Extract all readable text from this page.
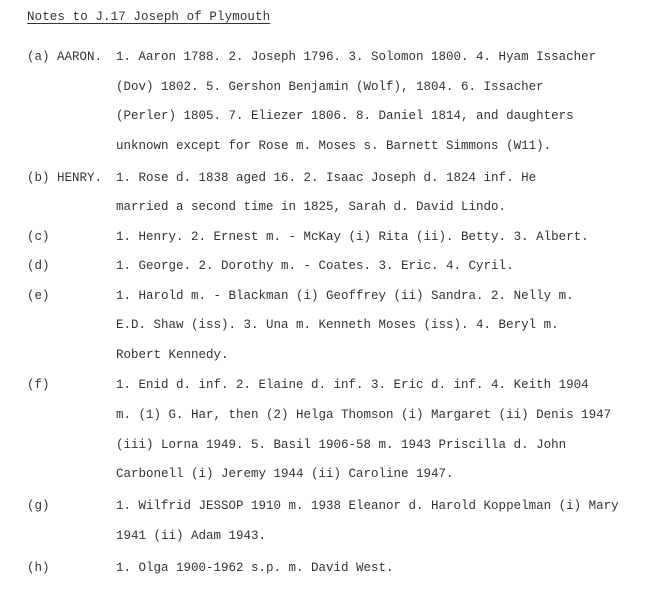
Notes to J.17 Joseph of Plymouth
(a) AARON. 1. Aaron 1788. 2. Joseph 1796. 3. Solomon 1800. 4. Hyam Issacher
(Dov) 1802. 5. Gershon Benjamin (Wolf), 1804. 6. Issacher
(Perler) 1805. 7. Eliezer 1806. 8. Daniel 1814, and daughters
unknown except for Rose m. Moses s. Barnett Simmons (W11).
(b) HENRY. 1. Rose d. 1838 aged 16. 2. Isaac Joseph d. 1824 inf. He
married a second time in 1825, Sarah d. David Lindo.
(c)	1. Henry. 2. Ernest m. - McKay (i) Rita (ii). Betty. 3. Albert.
(d)	1. George. 2. Dorothy m. - Coates. 3. Eric. 4. Cyril.
(e)	1. Harold m. - Blackman (i) Geoffrey (ii) Sandra. 2. Nelly m.
E.D. Shaw (iss). 3. Una m. Kenneth Moses (iss). 4. Beryl m.
Robert Kennedy.
(f)	1. Enid d. inf. 2. Elaine d. inf. 3. Eric d. inf. 4. Keith 1904
m. (1) G. Har, then (2) Helga Thomson (i) Margaret (ii) Denis 1947
(iii) Lorna 1949. 5. Basil 1906-58 m. 1943 Priscilla d. John
Carbonell (i) Jeremy 1944 (ii) Caroline 1947.
(g)	1. Wilfrid JESSOP 1910 m. 1938 Eleanor d. Harold Koppelman (i) Mary
1941 (ii) Adam 1943.
(h)	1. Olga 1900-1962 s.p. m. David West.
